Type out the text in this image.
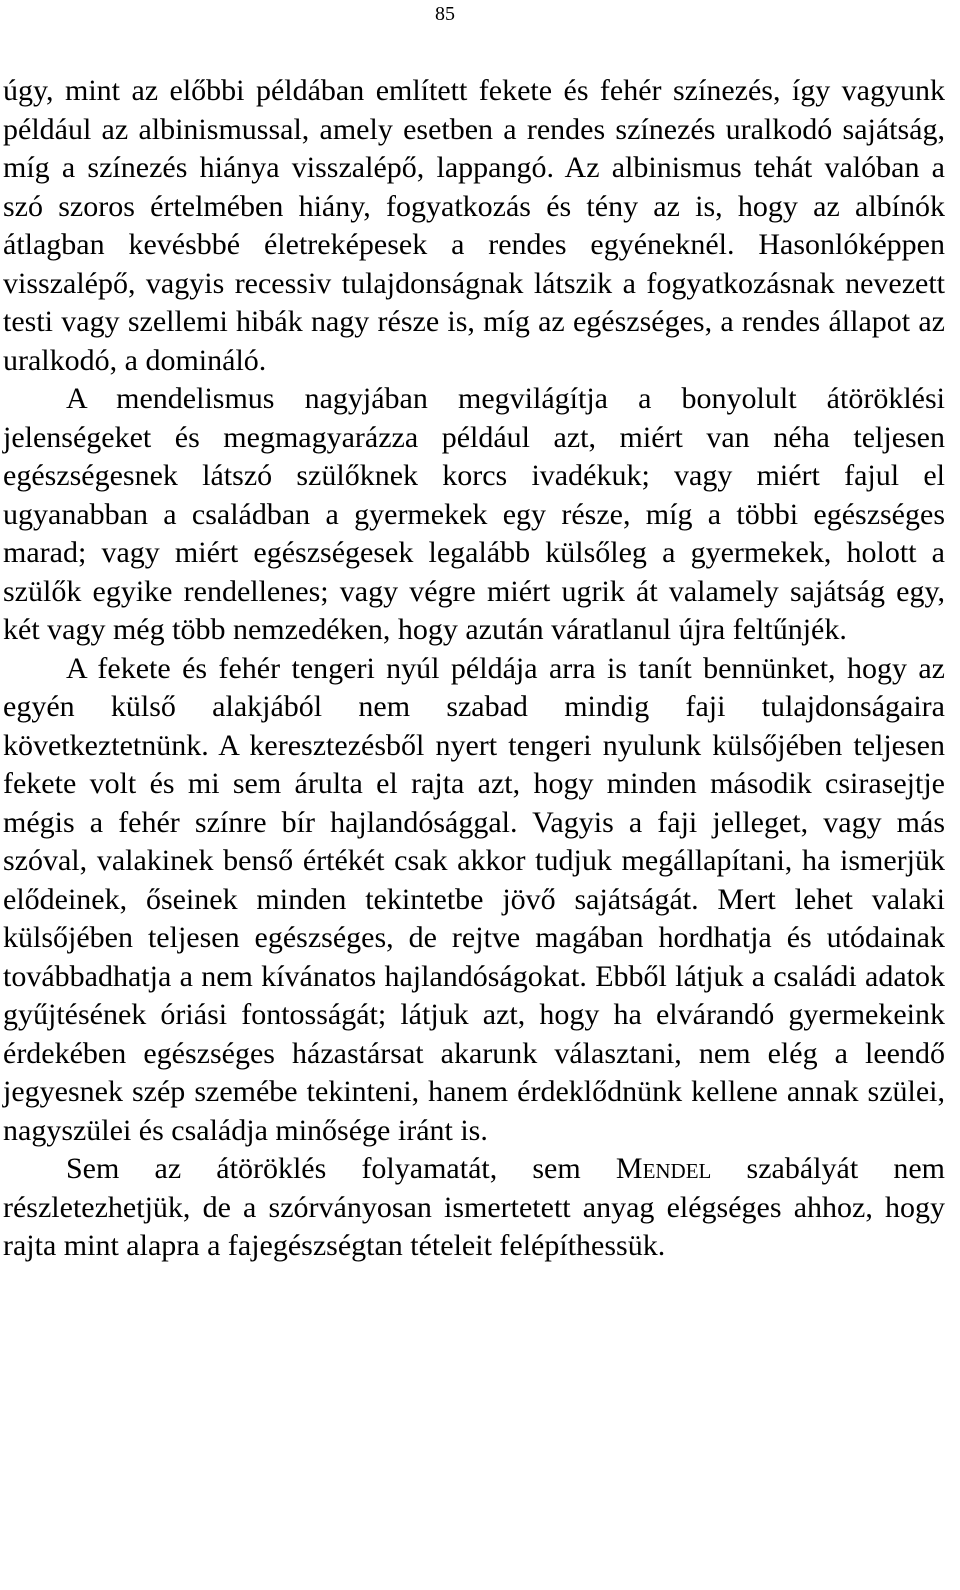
85

úgy, mint az előbbi példában említett fekete és fehér színezés, így vagyunk például az albinismussal, amely esetben a rendes színezés uralkodó sajátság, míg a színezés hiánya visszalépő, lappangó. Az albinismus tehát valóban a szó szoros értelmében hiány, fogyatkozás és tény az is, hogy az albínók átlagban kevésbbé életreképesek a rendes egyéneknél. Hasonlóképpen visszalépő, vagyis recessiv tulajdonságnak látszik a fogyatkozásnak nevezett testi vagy szellemi hibák nagy része is, míg az egészséges, a rendes állapot az uralkodó, a domináló.

A mendelismus nagyjában megvilágítja a bonyolult átöröklési jelenségeket és megmagyarázza például azt, miért van néha teljesen egészségesnek látszó szülőknek korcs ivadékuk; vagy miért fajul el ugyanabban a családban a gyermekek egy része, míg a többi egészséges marad; vagy miért egészségesek legalább külsőleg a gyermekek, holott a szülők egyike rendellenes; vagy végre miért ugrik át valamely sajátság egy, két vagy még több nemzedéken, hogy azután váratlanul újra feltűnjék.

A fekete és fehér tengeri nyúl példája arra is tanít bennünket, hogy az egyén külső alakjából nem szabad mindig faji tulajdonságaira következtetnünk. A keresztezésből nyert tengeri nyulunk külsőjében teljesen fekete volt és mi sem árulta el rajta azt, hogy minden második csirasejtje mégis a fehér színre bír hajlandósággal. Vagyis a faji jelleget, vagy más szóval, valakinek benső értékét csak akkor tudjuk megállapítani, ha ismerjük elődeinek, őseinek minden tekintetbe jövő sajátságát. Mert lehet valaki külsőjében teljesen egészséges, de rejtve magában hordhatja és utódainak továbbadhatja a nem kívánatos hajlandóságokat. Ebből látjuk a családi adatok gyűjtésének óriási fontosságát; látjuk azt, hogy ha elvárandó gyermekeink érdekében egészséges házastársat akarunk választani, nem elég a leendő jegyesnek szép szemébe tekinteni, hanem érdeklődnünk kellene annak szülei, nagyszülei és családja minősége iránt is.

Sem az átöröklés folyamatát, sem Mendel szabályát nem részletezhetjük, de a szórványosan ismertetett anyag elégséges ahhoz, hogy rajta mint alapra a fajegészségtan tételeit felépíthessük.
